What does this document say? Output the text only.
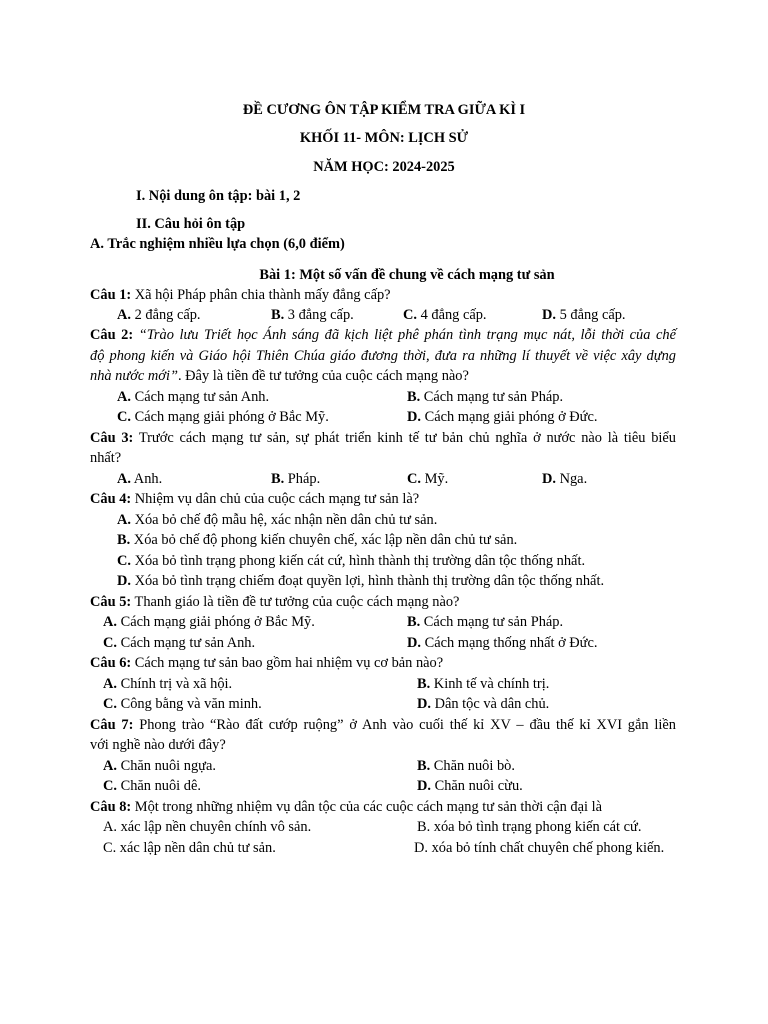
ĐỀ CƯƠNG ÔN TẬP KIỂM TRA GIỮA KÌ I
KHỐI 11- MÔN: LỊCH SỬ
NĂM HỌC: 2024-2025
I. Nội dung ôn tập: bài 1, 2
II. Câu hỏi ôn tập
A. Trắc nghiệm nhiều lựa chọn (6,0 điểm)
Bài 1: Một số vấn đề chung về cách mạng tư sản
Câu 1: Xã hội Pháp phân chia thành mấy đẳng cấp?
A. 2 đẳng cấp.	B. 3 đẳng cấp.	C. 4 đẳng cấp.	D. 5 đẳng cấp.
Câu 2: “Trào lưu Triết học Ánh sáng đã kịch liệt phê phán tình trạng mục nát, lỗi thời của chế
độ phong kiến và Giáo hội Thiên Chúa giáo đương thời, đưa ra những lí thuyết về việc xây dựng
nhà nước mới”. Đây là tiền đề tư tưởng của cuộc cách mạng nào?
A. Cách mạng tư sản Anh.	B. Cách mạng tư sản Pháp.
C. Cách mạng giải phóng ở Bắc Mỹ.	D. Cách mạng giải phóng ở Đức.
Câu 3: Trước cách mạng tư sản, sự phát triển kinh tế tư bản chủ nghĩa ở nước nào là tiêu biểu
nhất?
A. Anh.	B. Pháp.	C. Mỹ.	D. Nga.
Câu 4: Nhiệm vụ dân chủ của cuộc cách mạng tư sản là?
A. Xóa bỏ chế độ mẫu hệ, xác nhận nền dân chủ tư sản.
B. Xóa bỏ chế độ phong kiến chuyên chế, xác lập nền dân chủ tư sản.
C. Xóa bỏ tình trạng phong kiến cát cứ, hình thành thị trường dân tộc thống nhất.
D. Xóa bỏ tình trạng chiếm đoạt quyền lợi, hình thành thị trường dân tộc thống nhất.
Câu 5: Thanh giáo là tiền đề tư tưởng của cuộc cách mạng nào?
A. Cách mạng giải phóng ở Bắc Mỹ.	B. Cách mạng tư sản Pháp.
C. Cách mạng tư sản Anh.	D. Cách mạng thống nhất ở Đức.
Câu 6: Cách mạng tư sản bao gồm hai nhiệm vụ cơ bản nào?
A. Chính trị và xã hội.	B. Kinh tế và chính trị.
C. Công bằng và văn minh.	D. Dân tộc và dân chủ.
Câu 7: Phong trào “Rào đất cướp ruộng” ở Anh vào cuối thế kỉ XV – đầu thế kỉ XVI gắn liền
với nghề nào dưới đây?
A. Chăn nuôi ngựa.	B. Chăn nuôi bò.
C. Chăn nuôi dê.	D. Chăn nuôi cừu.
Câu 8: Một trong những nhiệm vụ dân tộc của các cuộc cách mạng tư sản thời cận đại là
A. xác lập nền chuyên chính vô sản.	B. xóa bỏ tình trạng phong kiến cát cứ.
C. xác lập nền dân chủ tư sản.	D. xóa bỏ tính chất chuyên chế phong kiến.
